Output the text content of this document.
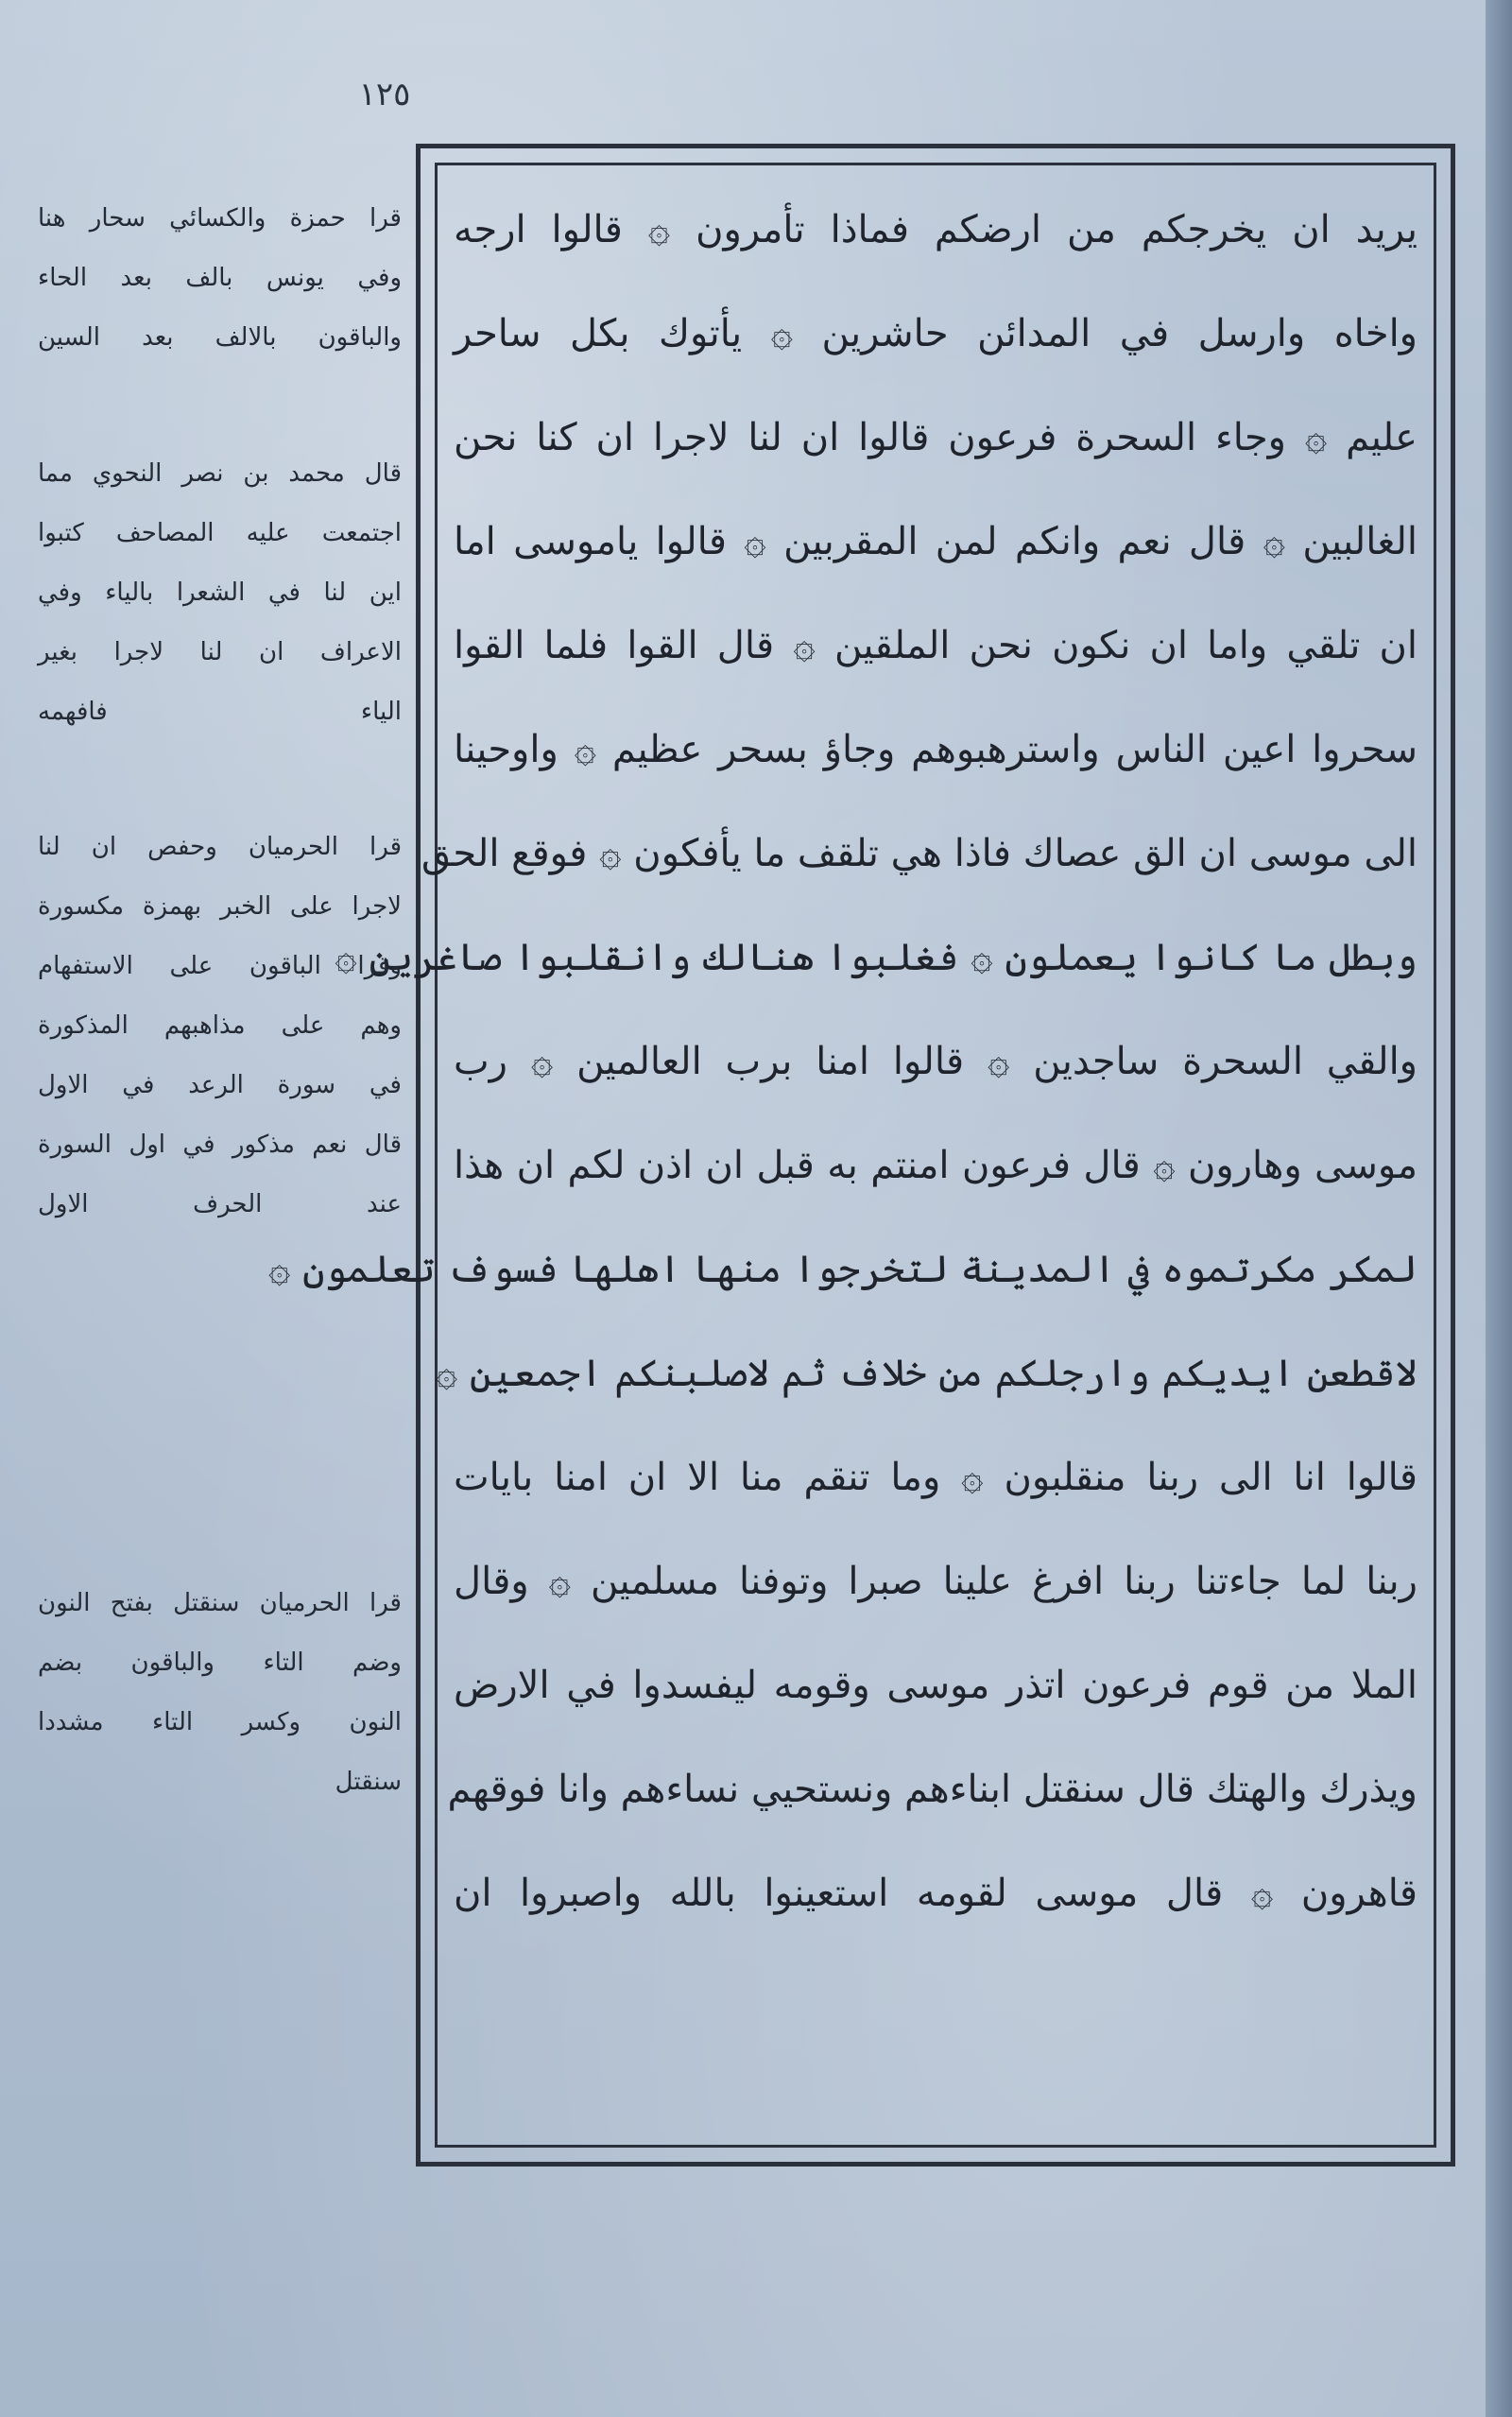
١٢٥
يريد ان يخرجكم من ارضكم فماذا تأمرون ۞ قالوا ارجه
واخاه وارسل في المدائن حاشرين ۞ يأتوك بكل ساحر
عليم ۞ وجاء السحرة فرعون قالوا ان لنا لاجرا ان كنا نحن
الغالبين ۞ قال نعم وانكم لمن المقربين ۞ قالوا ياموسى اما
ان تلقي واما ان نكون نحن الملقين ۞ قال القوا فلما القوا
سحروا اعين الناس واسترهبوهم وجاؤ بسحر عظيم ۞ واوحينا
الى موسى ان الق عصاك فاذا هي تلقف ما يأفكون ۞ فوقع الحق
وبطل ما كانوا يعملون ۞ فغلبوا هنالك وانقلبوا صاغرين ۞
والقي السحرة ساجدين ۞ قالوا امنا برب العالمين ۞ رب
موسى وهارون ۞ قال فرعون امنتم به قبل ان اذن لكم ان هذا
لمكر مكرتموه في المدينة لتخرجوا منها اهلها فسوف تعلمون ۞
لاقطعن ايديكم وارجلكم من خلاف ثم لاصلبنكم اجمعين ۞
قالوا انا الى ربنا منقلبون ۞ وما تنقم منا الا ان امنا بايات
ربنا لما جاءتنا ربنا افرغ علينا صبرا وتوفنا مسلمين ۞ وقال
الملا من قوم فرعون اتذر موسى وقومه ليفسدوا في الارض
ويذرك والهتك قال سنقتل ابناءهم ونستحيي نساءهم وانا فوقهم
قاهرون ۞ قال موسى لقومه استعينوا بالله واصبروا ان
قرا حمزة والكسائي سحار هنا
وفي يونس بالف بعد الحاء
والباقون بالالف بعد السين
قال محمد بن نصر النحوي مما
اجتمعت عليه المصاحف كتبوا
اين لنا في الشعرا بالياء وفي
الاعراف ان لنا لاجرا بغير
الياء فافهمه
قرا الحرميان وحفص ان لنا
لاجرا على الخبر بهمزة مكسورة
وقرا الباقون على الاستفهام
وهم على مذاهبهم المذكورة
في سورة الرعد في الاول
قال نعم مذكور في اول السورة
عند الحرف الاول
قرا الحرميان سنقتل بفتح النون
وضم التاء والباقون بضم
النون وكسر التاء مشددا
سنقتل
